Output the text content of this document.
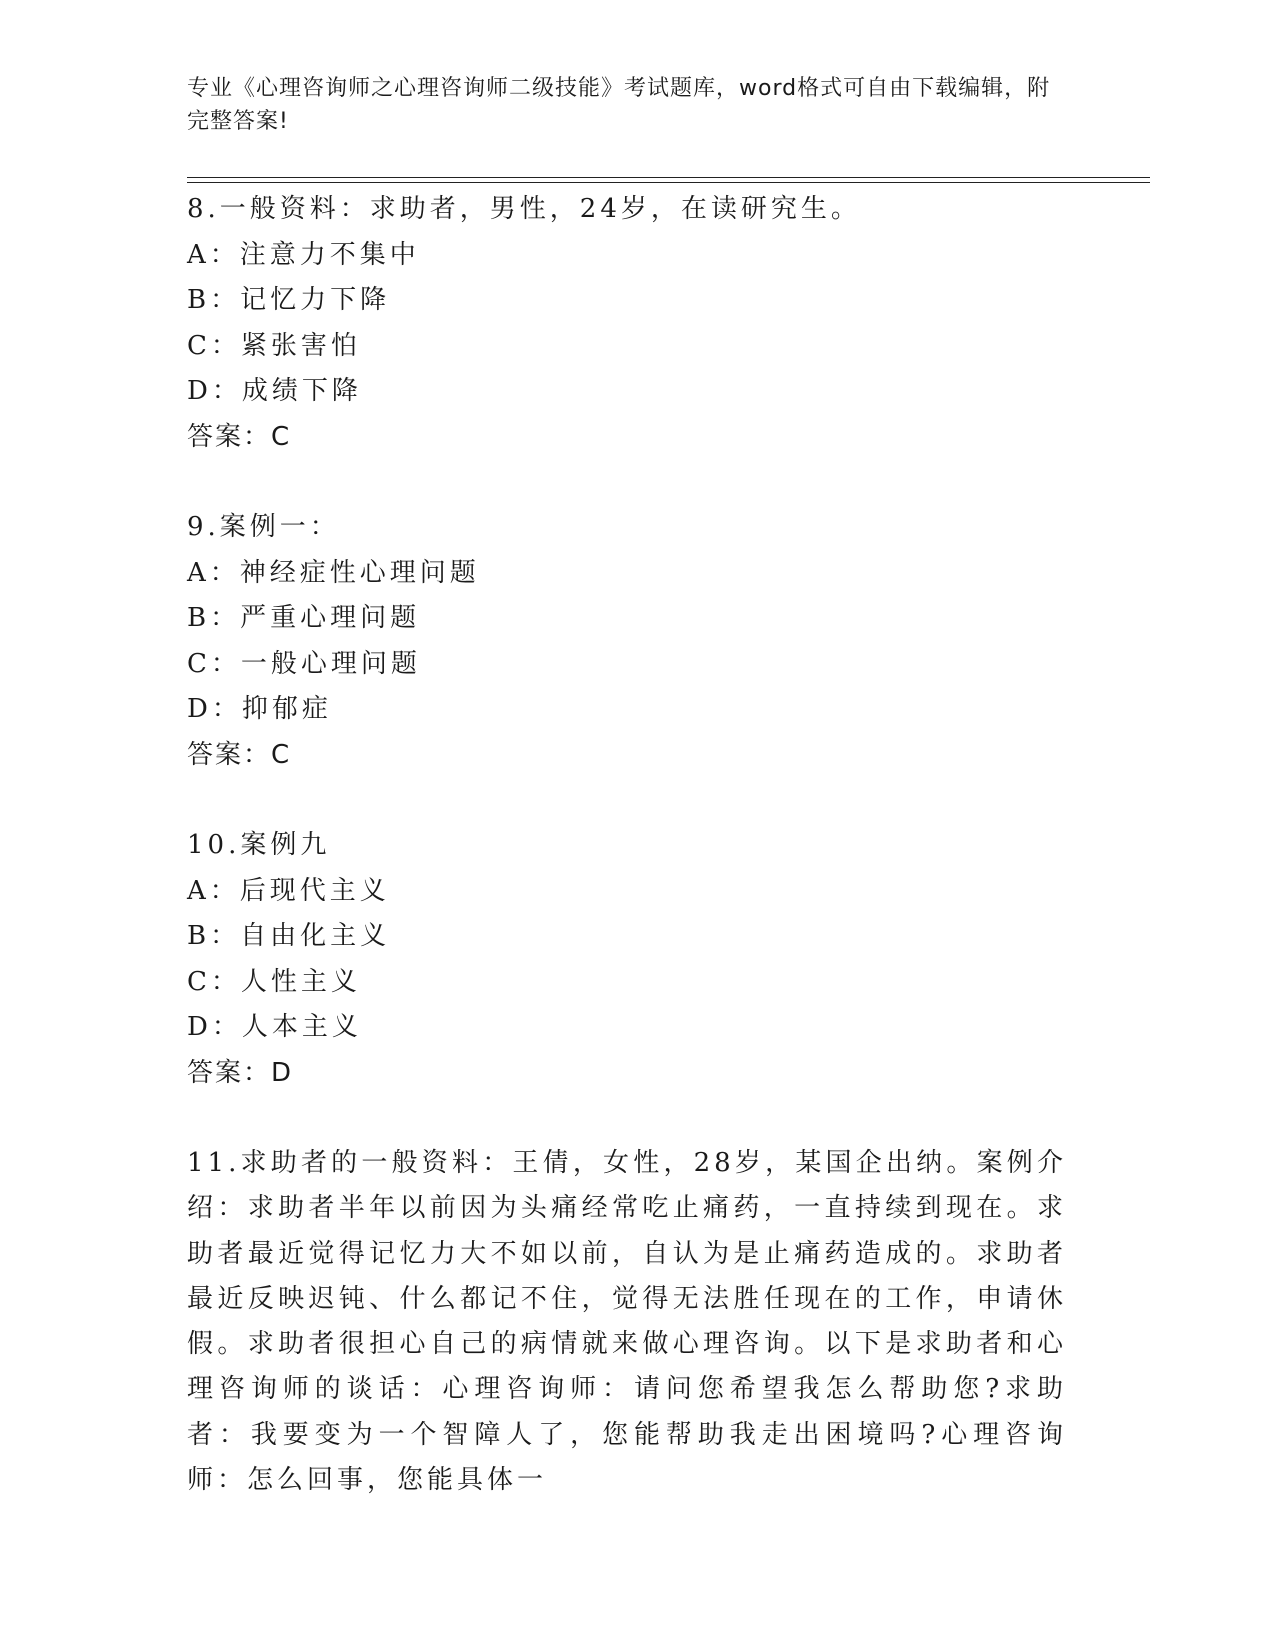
专业《心理咨询师之心理咨询师二级技能》考试题库，word格式可自由下载编辑，附完整答案!
8.一般资料：求助者，男性，24岁，在读研究生。
A：注意力不集中
B：记忆力下降
C：紧张害怕
D：成绩下降
答案：C
9.案例一：
A：神经症性心理问题
B：严重心理问题
C：一般心理问题
D：抑郁症
答案：C
10.案例九
A：后现代主义
B：自由化主义
C：人性主义
D：人本主义
答案：D
11.求助者的一般资料：王倩，女性，28岁，某国企出纳。案例介绍：求助者半年以前因为头痛经常吃止痛药，一直持续到现在。求助者最近觉得记忆力大不如以前，自认为是止痛药造成的。求助者最近反映迟钝、什么都记不住，觉得无法胜任现在的工作，申请休假。求助者很担心自己的病情就来做心理咨询。以下是求助者和心理咨询师的谈话：心理咨询师：请问您希望我怎么帮助您?求助者：我要变为一个智障人了，您能帮助我走出困境吗?心理咨询师：怎么回事，您能具体一
